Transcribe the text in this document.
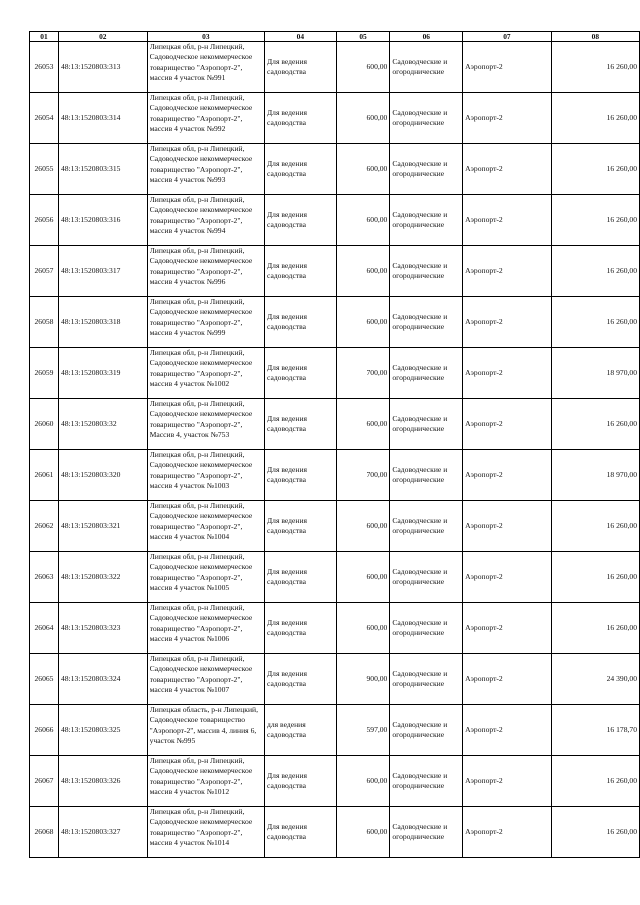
01	02	03	04	05	06	07	08
26053	48:13:1520803:313	Липецкая обл, р-н Липецкий, Садоводческое некоммерческое товарищество "Аэропорт-2", массив 4 участок №991	Для ведения садоводства	600,00	Садоводческие и огороднические	Аэропорт-2	16 260,00
26054	48:13:1520803:314	Липецкая обл, р-н Липецкий, Садоводческое некоммерческое товарищество "Аэропорт-2", массив 4 участок №992	Для ведения садоводства	600,00	Садоводческие и огороднические	Аэропорт-2	16 260,00
26055	48:13:1520803:315	Липецкая обл, р-н Липецкий, Садоводческое некоммерческое товарищество "Аэропорт-2", массив 4 участок №993	Для ведения садоводства	600,00	Садоводческие и огороднические	Аэропорт-2	16 260,00
26056	48:13:1520803:316	Липецкая обл, р-н Липецкий, Садоводческое некоммерческое товарищество "Аэропорт-2", массив 4 участок №994	Для ведения садоводства	600,00	Садоводческие и огороднические	Аэропорт-2	16 260,00
26057	48:13:1520803:317	Липецкая обл, р-н Липецкий, Садоводческое некоммерческое товарищество "Аэропорт-2", массив 4 участок №996	Для ведения садоводства	600,00	Садоводческие и огороднические	Аэропорт-2	16 260,00
26058	48:13:1520803:318	Липецкая обл, р-н Липецкий, Садоводческое некоммерческое товарищество "Аэропорт-2", массив 4 участок №999	Для ведения садоводства	600,00	Садоводческие и огороднические	Аэропорт-2	16 260,00
26059	48:13:1520803:319	Липецкая обл, р-н Липецкий, Садоводческое некоммерческое товарищество "Аэропорт-2", массив 4 участок №1002	Для ведения садоводства	700,00	Садоводческие и огороднические	Аэропорт-2	18 970,00
26060	48:13:1520803:32	Липецкая обл, р-н Липецкий, Садоводческое некоммерческое товарищество "Аэропорт-2", Массив 4, участок №753	Для ведения садоводства	600,00	Садоводческие и огороднические	Аэропорт-2	16 260,00
26061	48:13:1520803:320	Липецкая обл, р-н Липецкий, Садоводческое некоммерческое товарищество "Аэропорт-2", массив 4 участок №1003	Для ведения садоводства	700,00	Садоводческие и огороднические	Аэропорт-2	18 970,00
26062	48:13:1520803:321	Липецкая обл, р-н Липецкий, Садоводческое некоммерческое товарищество "Аэропорт-2", массив 4 участок №1004	Для ведения садоводства	600,00	Садоводческие и огороднические	Аэропорт-2	16 260,00
26063	48:13:1520803:322	Липецкая обл, р-н Липецкий, Садоводческое некоммерческое товарищество "Аэропорт-2", массив 4 участок №1005	Для ведения садоводства	600,00	Садоводческие и огороднические	Аэропорт-2	16 260,00
26064	48:13:1520803:323	Липецкая обл, р-н Липецкий, Садоводческое некоммерческое товарищество "Аэропорт-2", массив 4 участок №1006	Для ведения садоводства	600,00	Садоводческие и огороднические	Аэропорт-2	16 260,00
26065	48:13:1520803:324	Липецкая обл, р-н Липецкий, Садоводческое некоммерческое товарищество "Аэропорт-2", массив 4 участок №1007	Для ведения садоводства	900,00	Садоводческие и огороднические	Аэропорт-2	24 390,00
26066	48:13:1520803:325	Липецкая область, р-н Липецкий, Садоводческое товарищество "Аэропорт-2", массив 4, линия 6, участок №995	для ведения садоводства	597,00	Садоводческие и огороднические	Аэропорт-2	16 178,70
26067	48:13:1520803:326	Липецкая обл, р-н Липецкий, Садоводческое некоммерческое товарищество "Аэропорт-2", массив 4 участок №1012	Для ведения садоводства	600,00	Садоводческие и огороднические	Аэропорт-2	16 260,00
26068	48:13:1520803:327	Липецкая обл, р-н Липецкий, Садоводческое некоммерческое товарищество "Аэропорт-2", массив 4 участок №1014	Для ведения садоводства	600,00	Садоводческие и огороднические	Аэропорт-2	16 260,00
